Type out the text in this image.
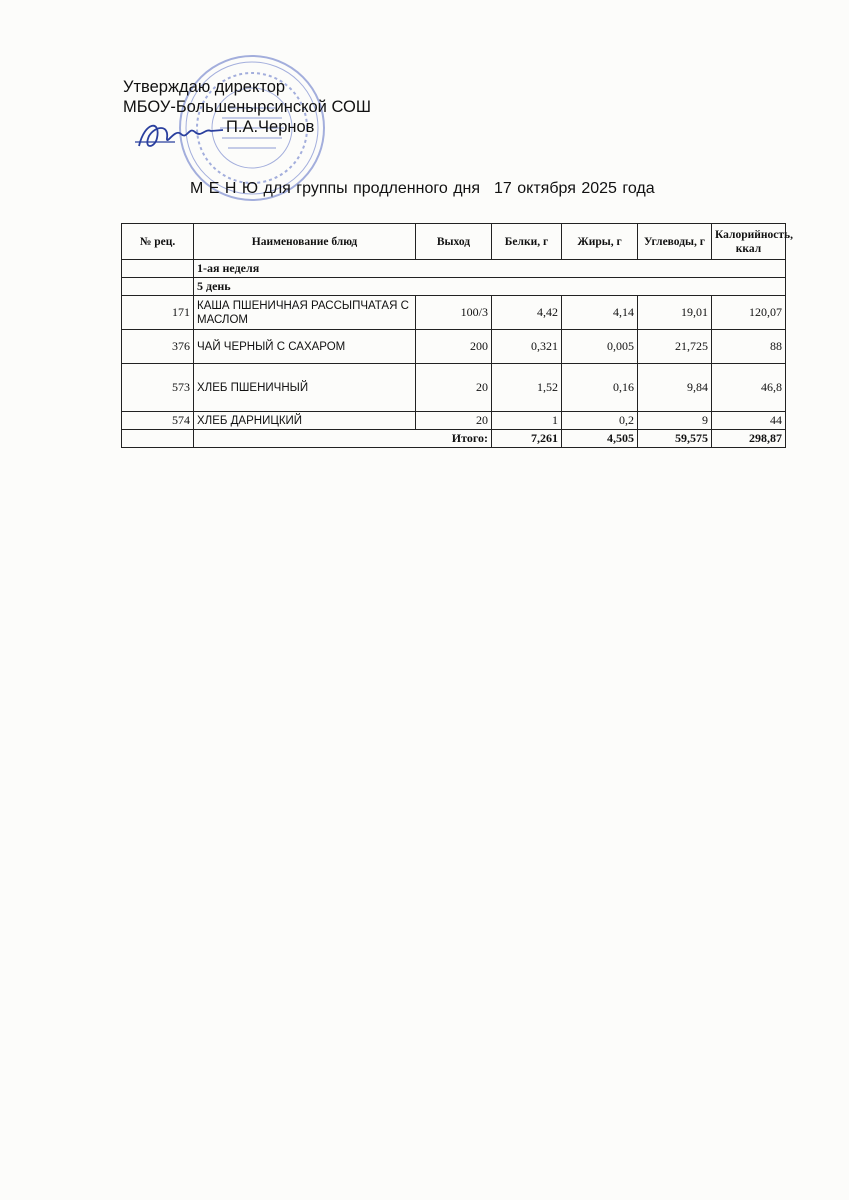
Утверждаю директор
МБОУ-Большенырсинской СОШ
П.А.Чернов
М Е Н Ю для группы продленного дня 17 октября 2025 года
№ рец.	Наименование блюд	Выход	Белки, г	Жиры, г	Углеводы, г	Калорийность, ккал
	1-ая неделя					
	5 день					
171	КАША ПШЕНИЧНАЯ РАССЫПЧАТАЯ С МАСЛОМ	100/3	4,42	4,14	19,01	120,07
376	ЧАЙ ЧЕРНЫЙ С САХАРОМ	200	0,321	0,005	21,725	88
573	ХЛЕБ ПШЕНИЧНЫЙ	20	1,52	0,16	9,84	46,8
574	ХЛЕБ ДАРНИЦКИЙ	20	1	0,2	9	44
	Итого:		7,261	4,505	59,575	298,87
